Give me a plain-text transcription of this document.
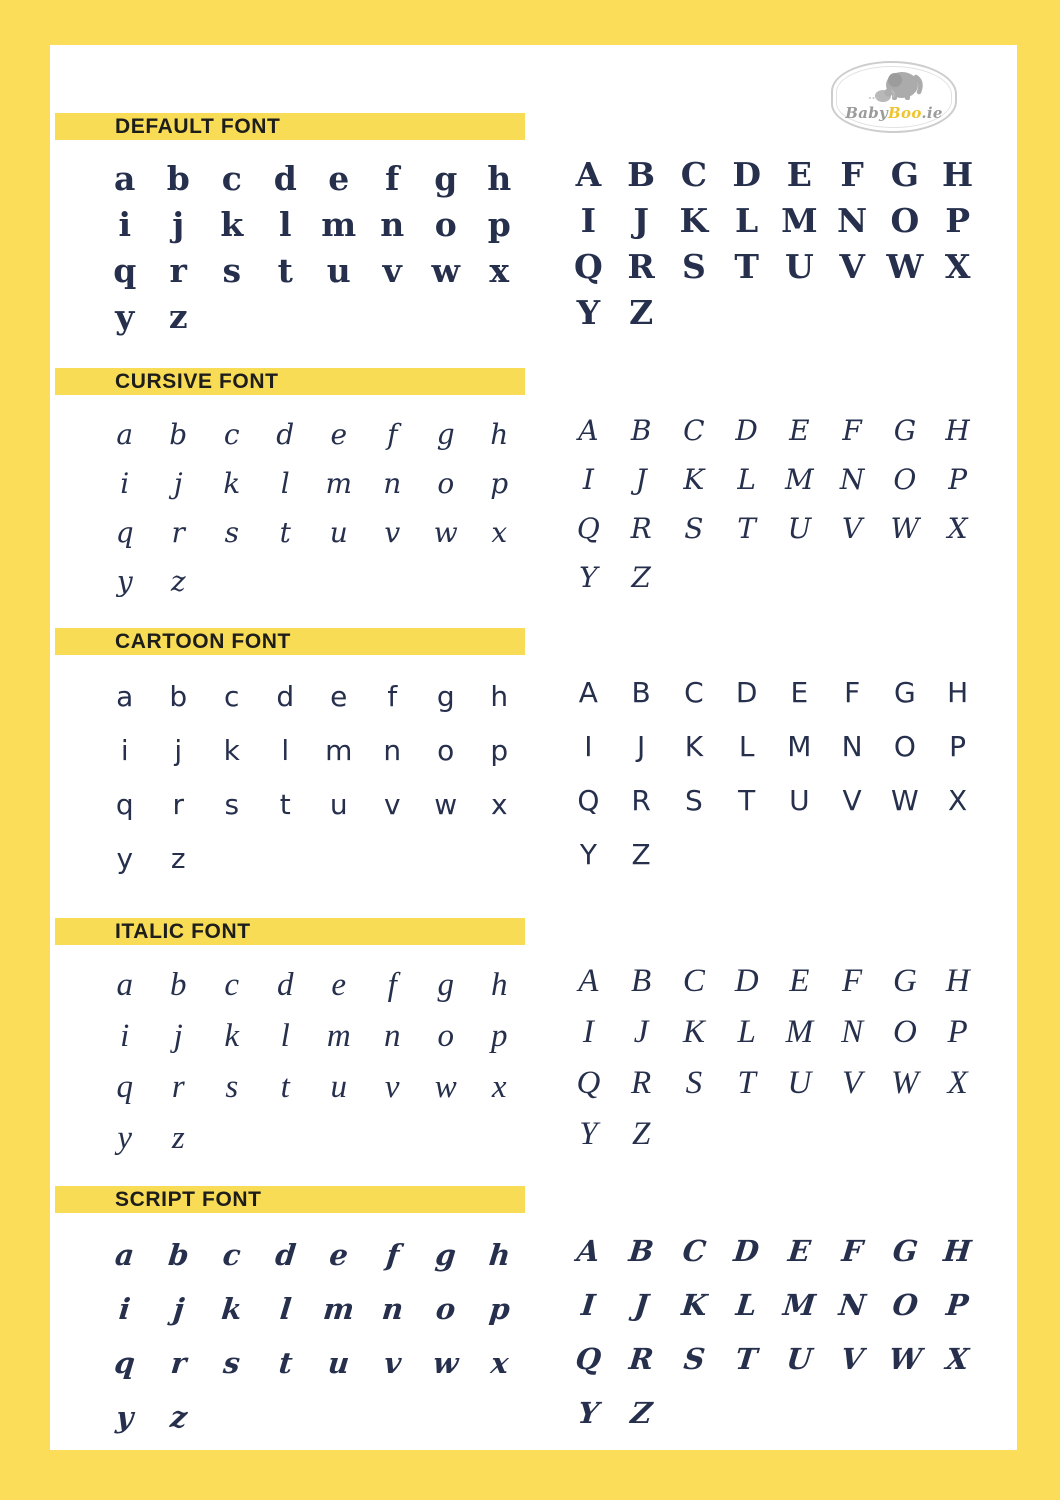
BabyBoo.ie
DEFAULT FONT
a b c d e	f	g h
i	j	k	l m n o p
q	r	s	t	u v w x
y	z
A B C D E F G H
I	J K L M N O P
Q R S T U V W X
Y Z
CURSIVE FONT
a	b	c	d	e	f	g	h
i	j	k	l	m	n	o	p
q	r	s	t	u	v	w	x
y	z
A	B	C	D	E	F	G	H
I	J	K	L	M N	O	P
Q	R	S	T	U	V	W	X
Y	Z
CARTOON FONT
a	b	c	d	e	f	g	h
i	j	k	l	m	n	o	p
q	r	s	t	u	v	w	x
y	z
A	B	C	D	E	F	G	H
I	J	K	L	M	N	O	P
Q	R	S	T	U	V	W	X
Y	Z
ITALIC FONT
a	b	c	d	e	f	g	h
i	j	k	l	m	n	o	p
q	r	s	t	u	v	w	x
y	z
A B C D E F G H
I	J	K L M N O P
Q R	S	T U V W X
Y	Z
SCRIPT FONT
a	b	c	d	e	f	g	h
i	j	k	l	m n	o	p
q	r	s	t	u	v	w x
y	z
A B C D E F G H
I	J	K L M N O P
Q R S T U V W X
Y Z
